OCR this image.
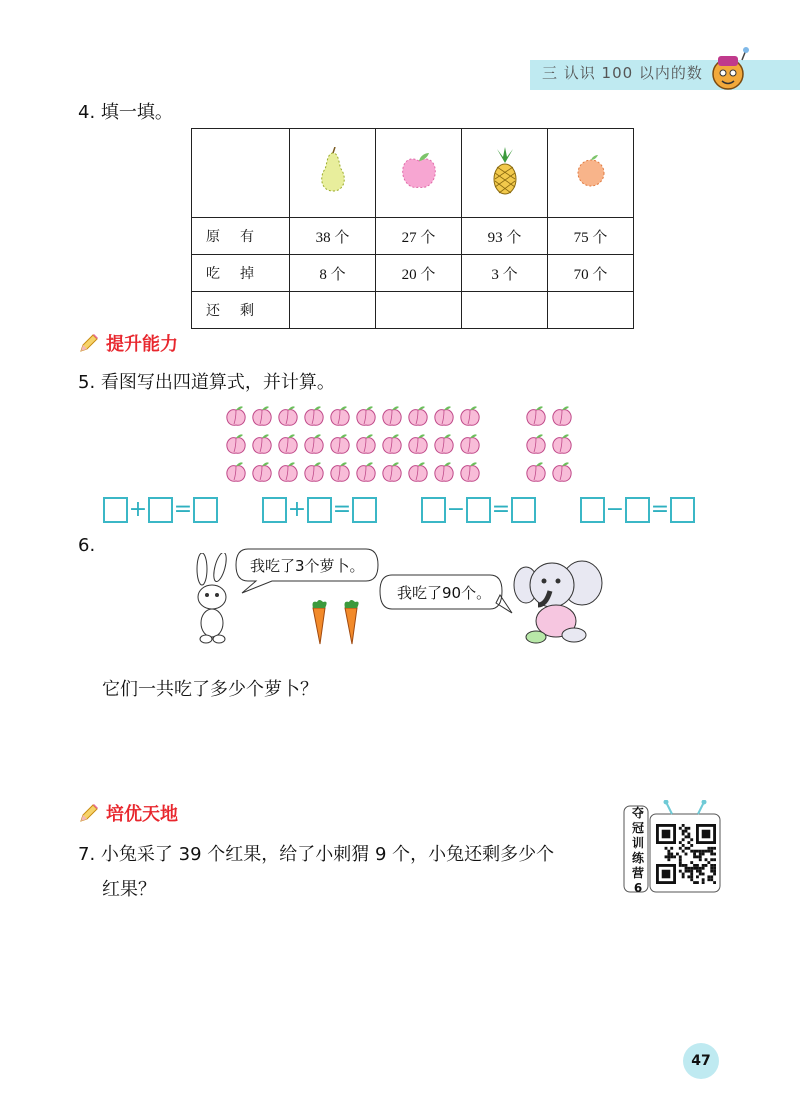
三 认识 100 以内的数
4. 填一填。

原有	38 个	27 个	93 个	75 个
吃掉	8 个	20 个	3 个	70 个
还剩				
提升能力
5. 看图写出四道算式，并计算。
+ =	+ =	− =	− =
6.
我吃了3个萝卜。
我吃了90个。
它们一共吃了多少个萝卜？
培优天地
7. 小兔采了 39 个红果，给了小刺猬 9 个，小兔还剩多少个
红果？
夺冠训练营6
47
